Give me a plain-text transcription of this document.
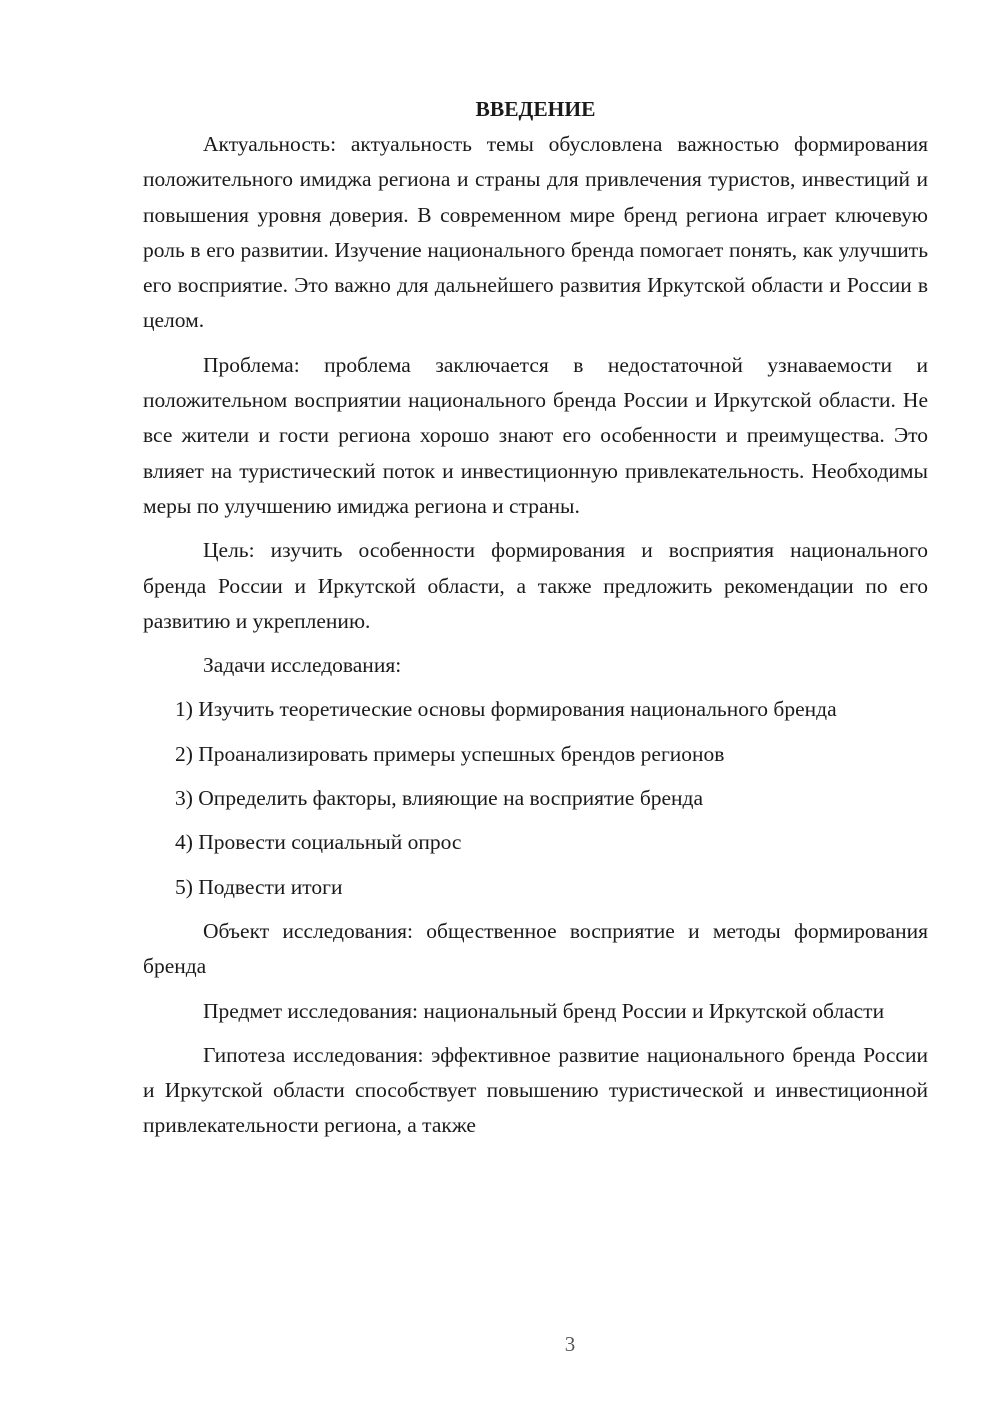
ВВЕДЕНИЕ

Актуальность: актуальность темы обусловлена важностью формирования положительного имиджа региона и страны для привлечения туристов, инвестиций и повышения уровня доверия. В современном мире бренд региона играет ключевую роль в его развитии. Изучение национального бренда помогает понять, как улучшить его восприятие. Это важно для дальнейшего развития Иркутской области и России в целом.

Проблема: проблема заключается в недостаточной узнаваемости и положительном восприятии национального бренда России и Иркутской области. Не все жители и гости региона хорошо знают его особенности и преимущества. Это влияет на туристический поток и инвестиционную привлекательность. Необходимы меры по улучшению имиджа региона и страны.

Цель: изучить особенности формирования и восприятия национального бренда России и Иркутской области, а также предложить рекомендации по его развитию и укреплению.

Задачи исследования:

1) Изучить теоретические основы формирования национального бренда

2) Проанализировать примеры успешных брендов регионов

3) Определить факторы, влияющие на восприятие бренда

4) Провести социальный опрос

5) Подвести итоги

Объект исследования: общественное восприятие и методы формирования бренда

Предмет исследования: национальный бренд России и Иркутской области

Гипотеза исследования: эффективное развитие национального бренда России и Иркутской области способствует повышению туристической и инвестиционной привлекательности региона, а также

3
